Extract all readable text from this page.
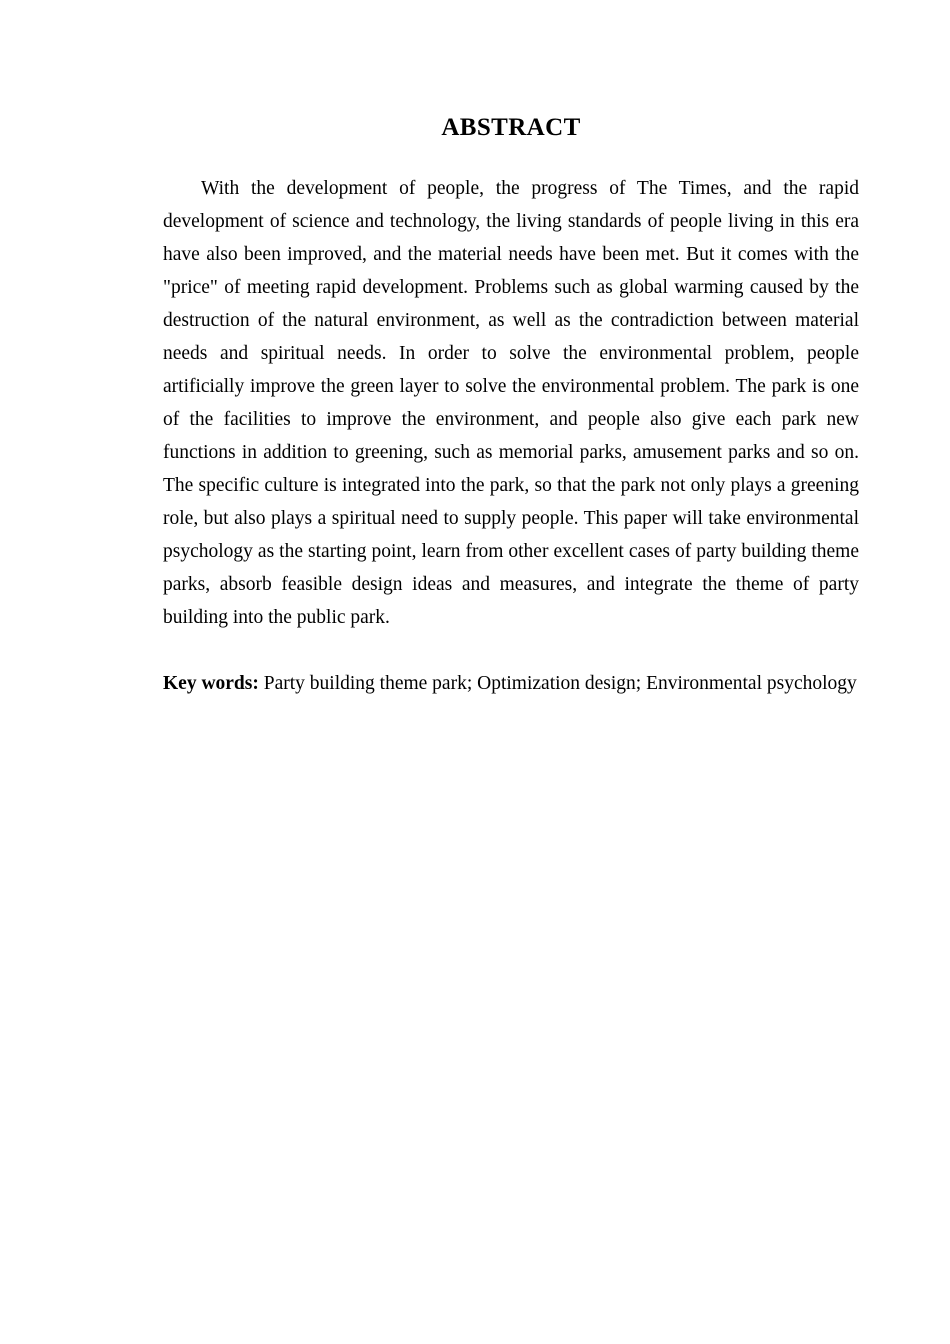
ABSTRACT

With the development of people, the progress of The Times, and the rapid development of science and technology, the living standards of people living in this era have also been improved, and the material needs have been met. But it comes with the "price" of meeting rapid development. Problems such as global warming caused by the destruction of the natural environment, as well as the contradiction between material needs and spiritual needs. In order to solve the environmental problem, people artificially improve the green layer to solve the environmental problem. The park is one of the facilities to improve the environment, and people also give each park new functions in addition to greening, such as memorial parks, amusement parks and so on. The specific culture is integrated into the park, so that the park not only plays a greening role, but also plays a spiritual need to supply people. This paper will take environmental psychology as the starting point, learn from other excellent cases of party building theme parks, absorb feasible design ideas and measures, and integrate the theme of party building into the public park.

Key words: Party building theme park; Optimization design; Environmental psychology
